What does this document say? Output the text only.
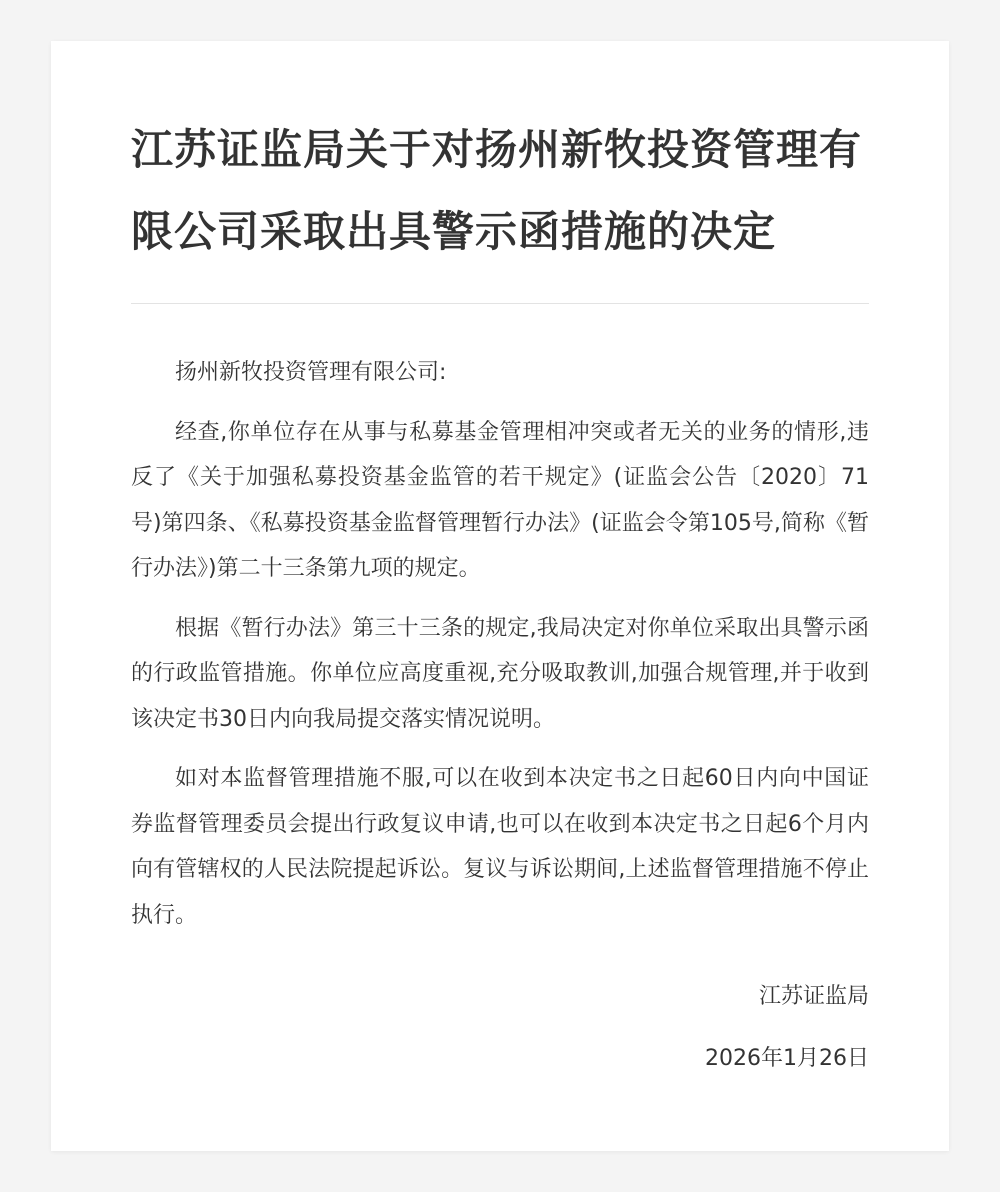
江苏证监局关于对扬州新牧投资管理有限公司采取出具警示函措施的决定

扬州新牧投资管理有限公司:

经查,你单位存在从事与私募基金管理相冲突或者无关的业务的情形,违反了《关于加强私募投资基金监管的若干规定》(证监会公告〔2020〕71号)第四条、《私募投资基金监督管理暂行办法》(证监会令第105号,简称《暂行办法》)第二十三条第九项的规定。

根据《暂行办法》第三十三条的规定,我局决定对你单位采取出具警示函的行政监管措施。你单位应高度重视,充分吸取教训,加强合规管理,并于收到该决定书30日内向我局提交落实情况说明。

如对本监督管理措施不服,可以在收到本决定书之日起60日内向中国证券监督管理委员会提出行政复议申请,也可以在收到本决定书之日起6个月内向有管辖权的人民法院提起诉讼。复议与诉讼期间,上述监督管理措施不停止执行。

江苏证监局
2026年1月26日
